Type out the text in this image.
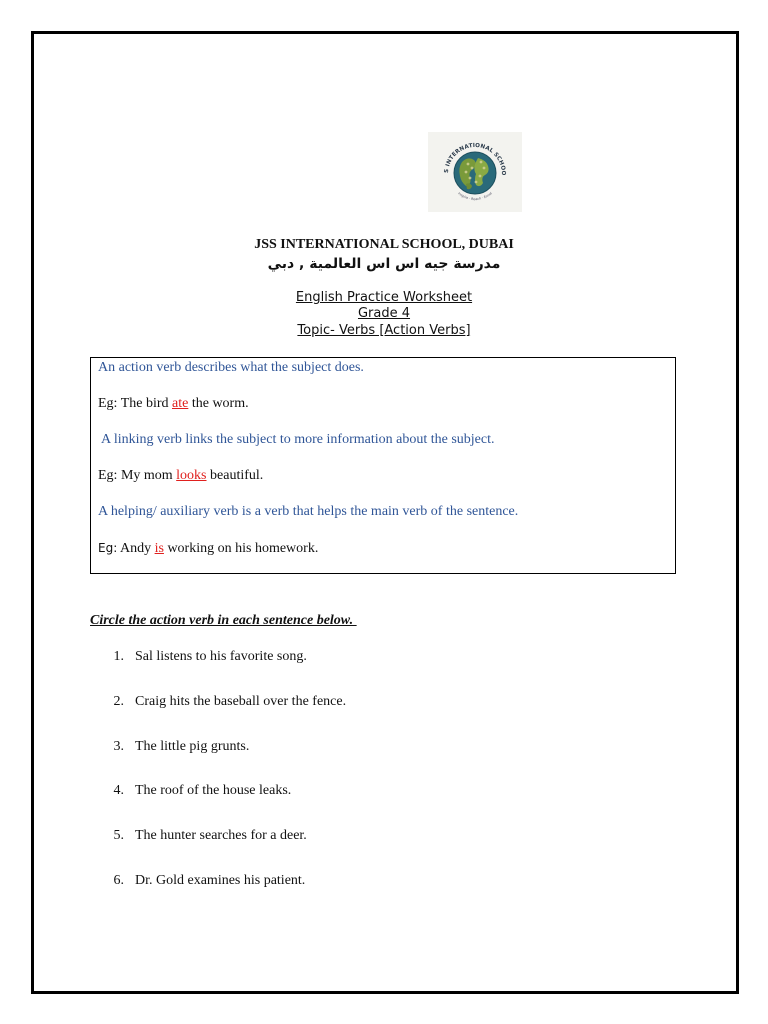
S INTERNATIONAL SCHOO
Inspire · Reach · Excel
JSS INTERNATIONAL SCHOOL, DUBAI
مدرسة جيه اس اس العالمية , دبي
English Practice Worksheet
Grade 4
Topic- Verbs [Action Verbs]
An action verb describes what the subject does.
Eg: The bird ate the worm.
A linking verb links the subject to more information about the subject.
Eg: My mom looks beautiful.
A helping/ auxiliary verb is a verb that helps the main verb of the sentence.
Eg: Andy is working on his homework.
Circle the action verb in each sentence below.
1. Sal listens to his favorite song.
2. Craig hits the baseball over the fence.
3. The little pig grunts.
4. The roof of the house leaks.
5. The hunter searches for a deer.
6. Dr. Gold examines his patient.
